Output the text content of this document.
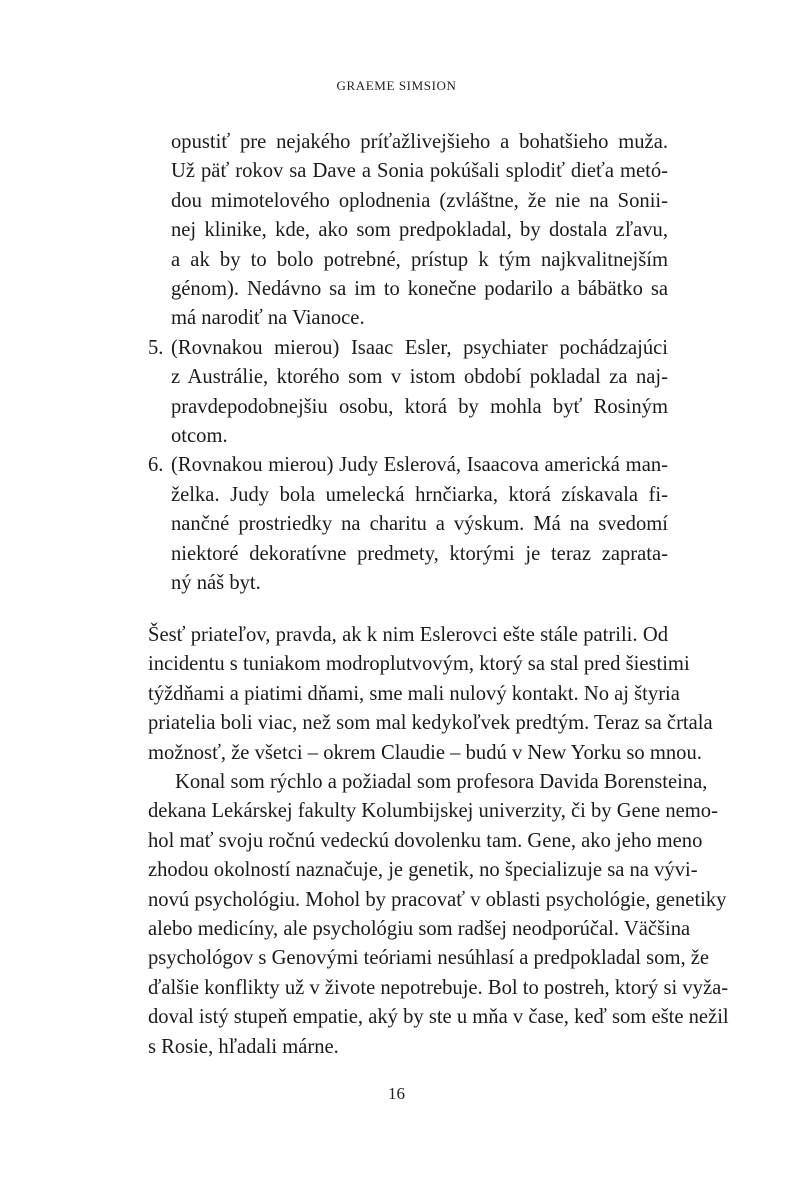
GRAEME SIMSION
opustiť pre nejakého príťažlivejšieho a bohatšieho muža.
Už päť rokov sa Dave a Sonia pokúšali splodiť dieťa metó-
dou mimotelového oplodnenia (zvláštne, že nie na Sonii-
nej klinike, kde, ako som predpokladal, by dostala zľavu,
a ak by to bolo potrebné, prístup k tým najkvalitnejším
génom). Nedávno sa im to konečne podarilo a bábätko sa
má narodiť na Vianoce.
5. (Rovnakou mierou) Isaac Esler, psychiater pochádzajúci
z Austrálie, ktorého som v istom období pokladal za naj-
pravdepodobnejšiu osobu, ktorá by mohla byť Rosiným
otcom.
6. (Rovnakou mierou) Judy Eslerová, Isaacova americká man-
želka. Judy bola umelecká hrnčiarka, ktorá získavala fi-
nančné prostriedky na charitu a výskum. Má na svedomí
niektoré dekoratívne predmety, ktorými je teraz zaprata-
ný náš byt.
Šesť priateľov, pravda, ak k nim Eslerovci ešte stále patrili. Od
incidentu s tuniakom modroplutvovým, ktorý sa stal pred šiestimi
týždňami a piatimi dňami, sme mali nulový kontakt. No aj štyria
priatelia boli viac, než som mal kedykoľvek predtým. Teraz sa črtala
možnosť, že všetci – okrem Claudie – budú v New Yorku so mnou.
Konal som rýchlo a požiadal som profesora Davida Borensteina,
dekana Lekárskej fakulty Kolumbijskej univerzity, či by Gene nemo-
hol mať svoju ročnú vedeckú dovolenku tam. Gene, ako jeho meno
zhodou okolností naznačuje, je genetik, no špecializuje sa na vývi-
novú psychológiu. Mohol by pracovať v oblasti psychológie, genetiky
alebo medicíny, ale psychológiu som radšej neodporúčal. Väčšina
psychológov s Genovými teóriami nesúhlasí a predpokladal som, že
ďalšie konflikty už v živote nepotrebuje. Bol to postreh, ktorý si vyža-
doval istý stupeň empatie, aký by ste u mňa v čase, keď som ešte nežil
s Rosie, hľadali márne.
16
